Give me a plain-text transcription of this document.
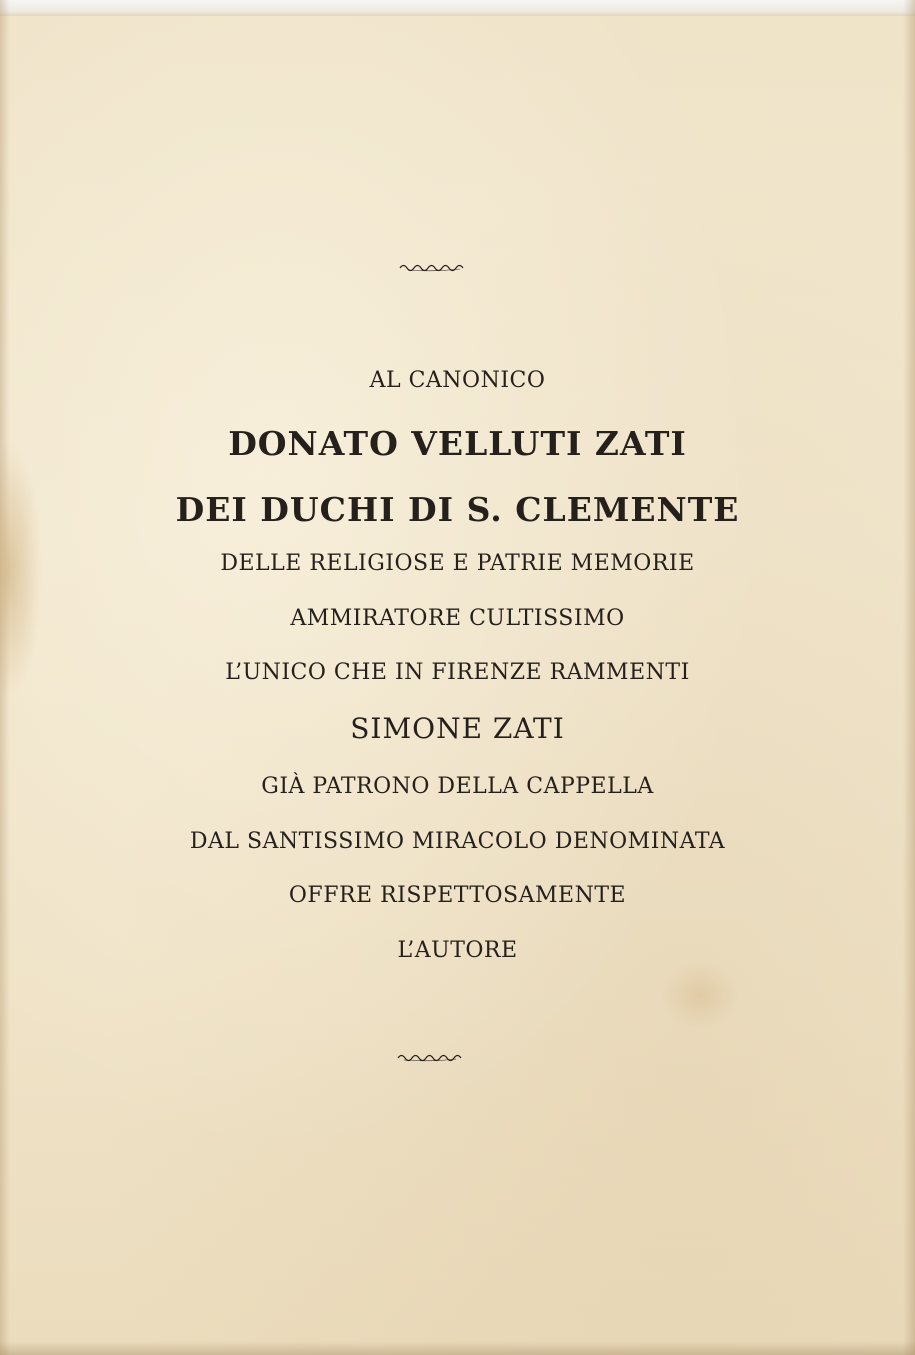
AL CANONICO
DONATO VELLUTI ZATI
DEI DUCHI DI S. CLEMENTE
DELLE RELIGIOSE E PATRIE MEMORIE
AMMIRATORE CULTISSIMO
L’UNICO CHE IN FIRENZE RAMMENTI
SIMONE ZATI
GIÀ PATRONO DELLA CAPPELLA
DAL SANTISSIMO MIRACOLO DENOMINATA
OFFRE RISPETTOSAMENTE
L’AUTORE
